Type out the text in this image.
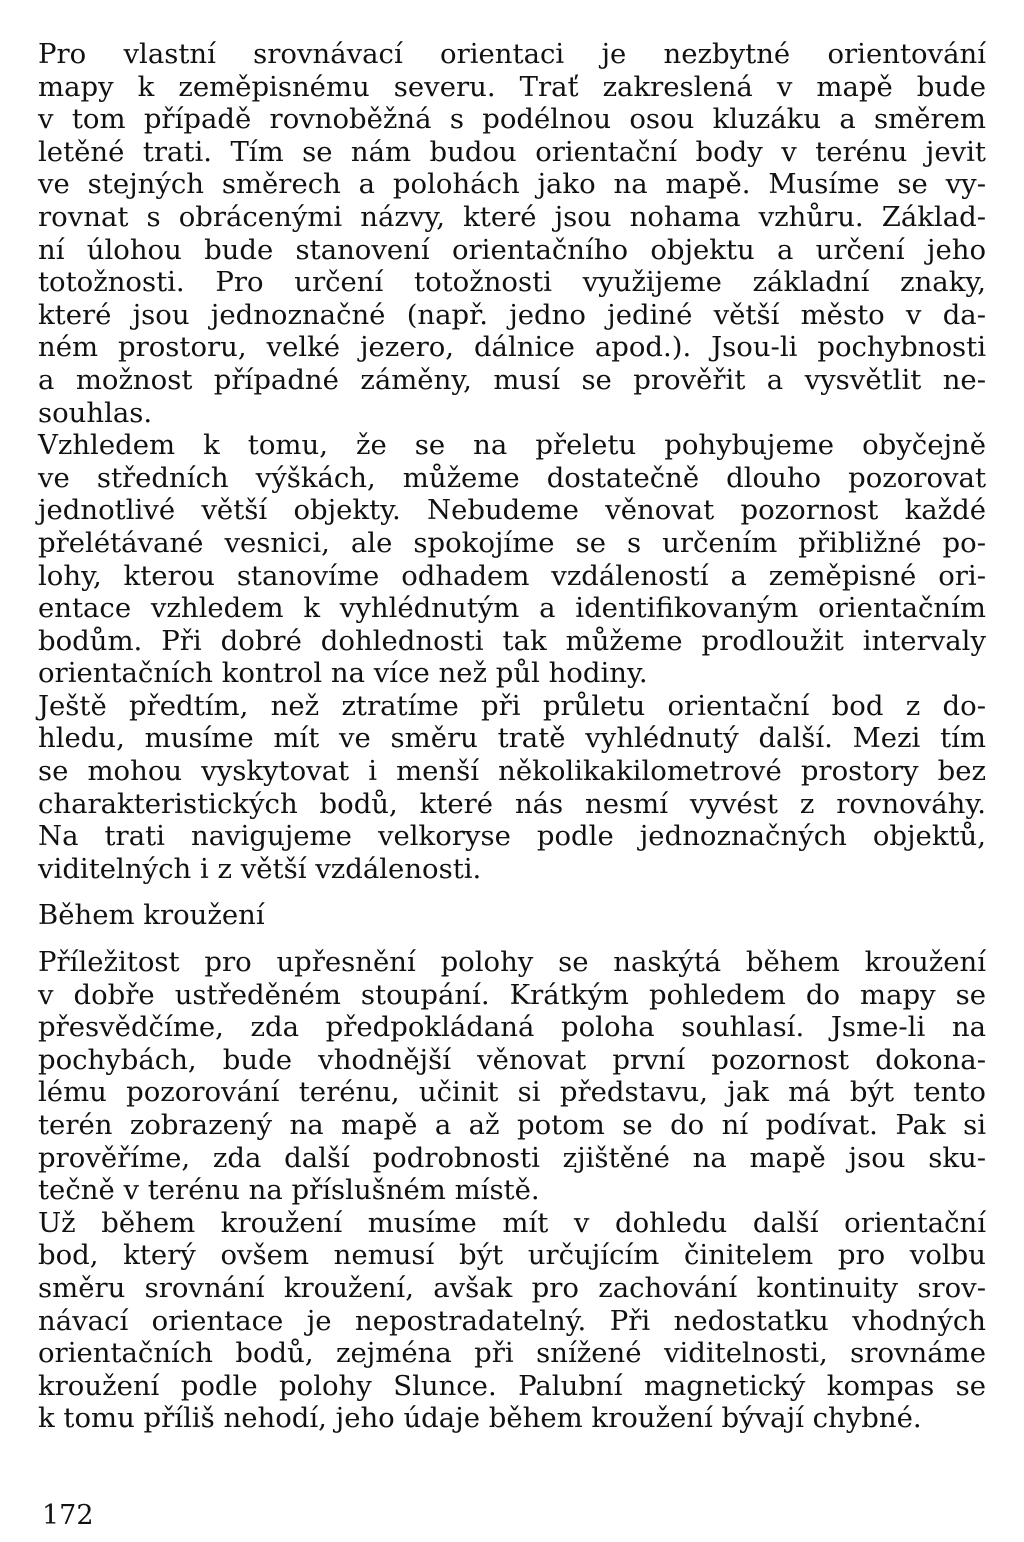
Pro vlastní srovnávací orientaci je nezbytné orientování
mapy k zeměpisnému severu. Trať zakreslená v mapě bude
v tom případě rovnoběžná s podélnou osou kluzáku a směrem
letěné trati. Tím se nám budou orientační body v terénu jevit
ve stejných směrech a polohách jako na mapě. Musíme se vy-
rovnat s obrácenými názvy, které jsou nohama vzhůru. Základ-
ní úlohou bude stanovení orientačního objektu a určení jeho
totožnosti. Pro určení totožnosti využijeme základní znaky,
které jsou jednoznačné (např. jedno jediné větší město v da-
ném prostoru, velké jezero, dálnice apod.). Jsou-li pochybnosti
a možnost případné záměny, musí se prověřit a vysvětlit ne-
souhlas.
Vzhledem k tomu, že se na přeletu pohybujeme obyčejně
ve středních výškách, můžeme dostatečně dlouho pozorovat
jednotlivé větší objekty. Nebudeme věnovat pozornost každé
přelétávané vesnici, ale spokojíme se s určením přibližné po-
lohy, kterou stanovíme odhadem vzdáleností a zeměpisné ori-
entace vzhledem k vyhlédnutým a identifikovaným orientačním
bodům. Při dobré dohlednosti tak můžeme prodloužit intervaly
orientačních kontrol na více než půl hodiny.
Ještě předtím, než ztratíme při průletu orientační bod z do-
hledu, musíme mít ve směru tratě vyhlédnutý další. Mezi tím
se mohou vyskytovat i menší několikakilometrové prostory bez
charakteristických bodů, které nás nesmí vyvést z rovnováhy.
Na trati navigujeme velkoryse podle jednoznačných objektů,
viditelných i z větší vzdálenosti.
Během kroužení
Příležitost pro upřesnění polohy se naskýtá během kroužení
v dobře ustředěném stoupání. Krátkým pohledem do mapy se
přesvědčíme, zda předpokládaná poloha souhlasí. Jsme-li na
pochybách, bude vhodnější věnovat první pozornost dokona-
lému pozorování terénu, učinit si představu, jak má být tento
terén zobrazený na mapě a až potom se do ní podívat. Pak si
prověříme, zda další podrobnosti zjištěné na mapě jsou sku-
tečně v terénu na příslušném místě.
Už během kroužení musíme mít v dohledu další orientační
bod, který ovšem nemusí být určujícím činitelem pro volbu
směru srovnání kroužení, avšak pro zachování kontinuity srov-
návací orientace je nepostradatelný. Při nedostatku vhodných
orientačních bodů, zejména při snížené viditelnosti, srovnáme
kroužení podle polohy Slunce. Palubní magnetický kompas se
k tomu příliš nehodí, jeho údaje během kroužení bývají chybné.
172
